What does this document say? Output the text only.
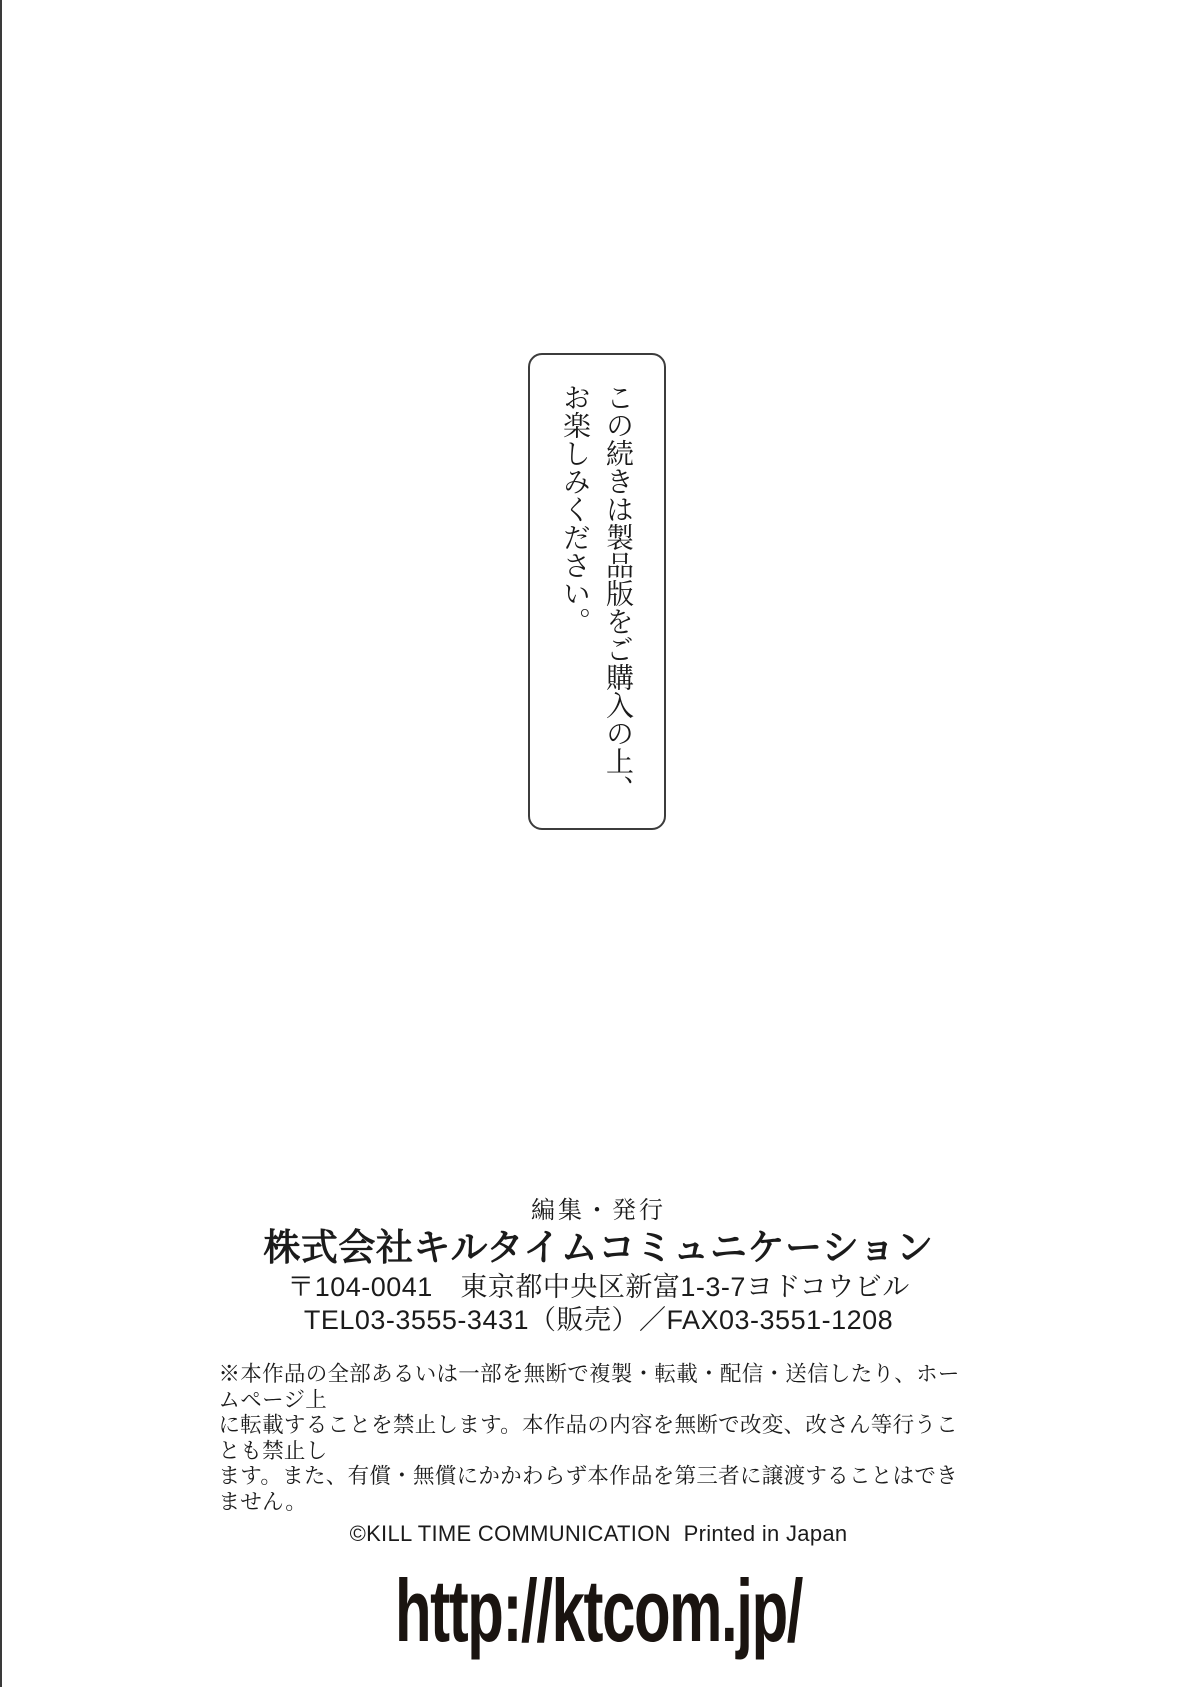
この続きは製品版をご購入の上、
お楽しみください。
編集・発行
株式会社キルタイムコミュニケーション
〒104-0041　東京都中央区新富1-3-7ヨドコウビル
TEL03-3555-3431（販売）／FAX03-3551-1208
※本作品の全部あるいは一部を無断で複製・転載・配信・送信したり、ホームページ上
に転載することを禁止します。本作品の内容を無断で改変、改さん等行うことも禁止し
ます。また、有償・無償にかかわらず本作品を第三者に譲渡することはできません。
©KILL TIME COMMUNICATION  Printed in Japan
http://ktcom.jp/
